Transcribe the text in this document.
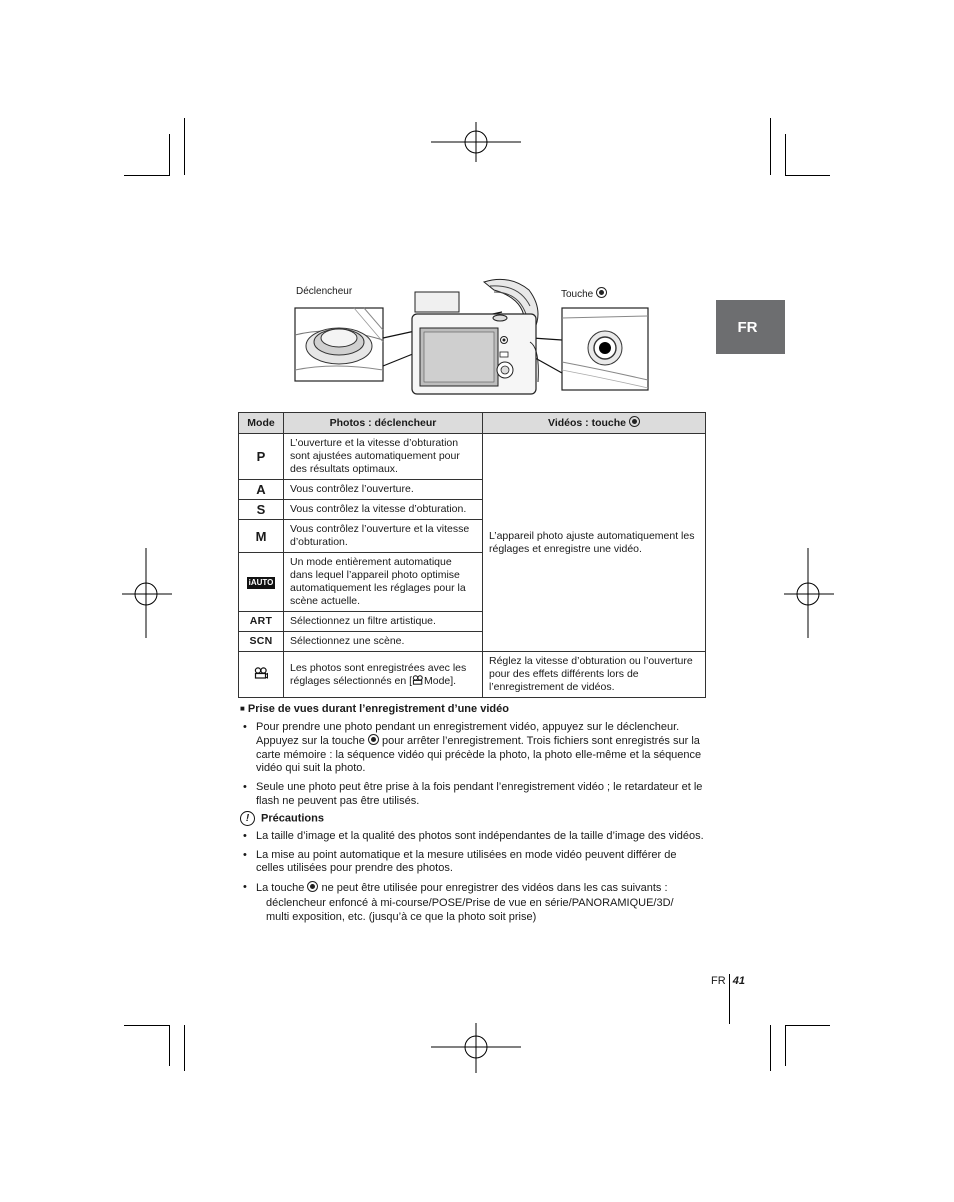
FR
Déclencheur	Touche
Mode	Photos : déclencheur	Vidéos : touche
P	L’ouverture et la vitesse d’obturation sont ajustées automatiquement pour des résultats optimaux.	L’appareil photo ajuste automatiquement les réglages et enregistre une vidéo.
A	Vous contrôlez l’ouverture.	
S	Vous contrôlez la vitesse d’obturation.	
M	Vous contrôlez l’ouverture et la vitesse d’obturation.	
iAUTO	Un mode entièrement automatique dans lequel l’appareil photo optimise automatiquement les réglages pour la scène actuelle.	
ART	Sélectionnez un filtre artistique.	
SCN	Sélectionnez une scène.	
	Les photos sont enregistrées avec les réglages sélectionnés en [ Mode].	Réglez la vitesse d’obturation ou l’ouverture pour des effets différents lors de l’enregistrement de vidéos.
■ Prise de vues durant l’enregistrement d’une vidéo
• Pour prendre une photo pendant un enregistrement vidéo, appuyez sur le déclencheur. Appuyez sur la touche pour arrêter l’enregistrement. Trois fichiers sont enregistrés sur la carte mémoire : la séquence vidéo qui précède la photo, la photo elle-même et la séquence vidéo qui suit la photo.
• Seule une photo peut être prise à la fois pendant l’enregistrement vidéo ; le retardateur et le flash ne peuvent pas être utilisés.
! Précautions
• La taille d’image et la qualité des photos sont indépendantes de la taille d’image des vidéos.
• La mise au point automatique et la mesure utilisées en mode vidéo peuvent différer de celles utilisées pour prendre des photos.
• La touche ne peut être utilisée pour enregistrer des vidéos dans les cas suivants :
déclencheur enfoncé à mi-course/POSE/Prise de vue en série/PANORAMIQUE/3D/ multi exposition, etc. (jusqu’à ce que la photo soit prise)
FR 41
